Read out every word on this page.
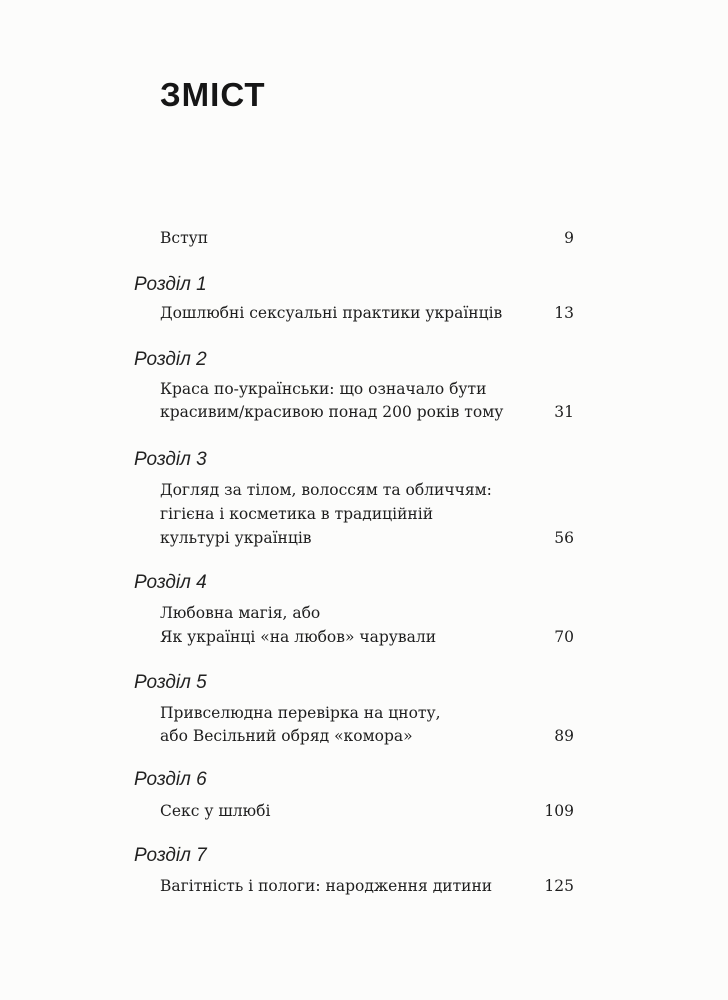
ЗМІСТ
Вступ	9
Розділ 1
Дошлюбні сексуальні практики українців	13
Розділ 2
Краса по-українськи: що означало бути
красивим/красивою понад 200 років тому	31
Розділ 3
Догляд за тілом, волоссям та обличчям:
гігієна і косметика в традиційній
культурі українців	56
Розділ 4
Любовна магія, або
Як українці «на любов» чарували	70
Розділ 5
Привселюдна перевірка на цноту,
або Весільний обряд «комора»	89
Розділ 6
Секс у шлюбі	109
Розділ 7
Вагітність і пологи: народження дитини	125
